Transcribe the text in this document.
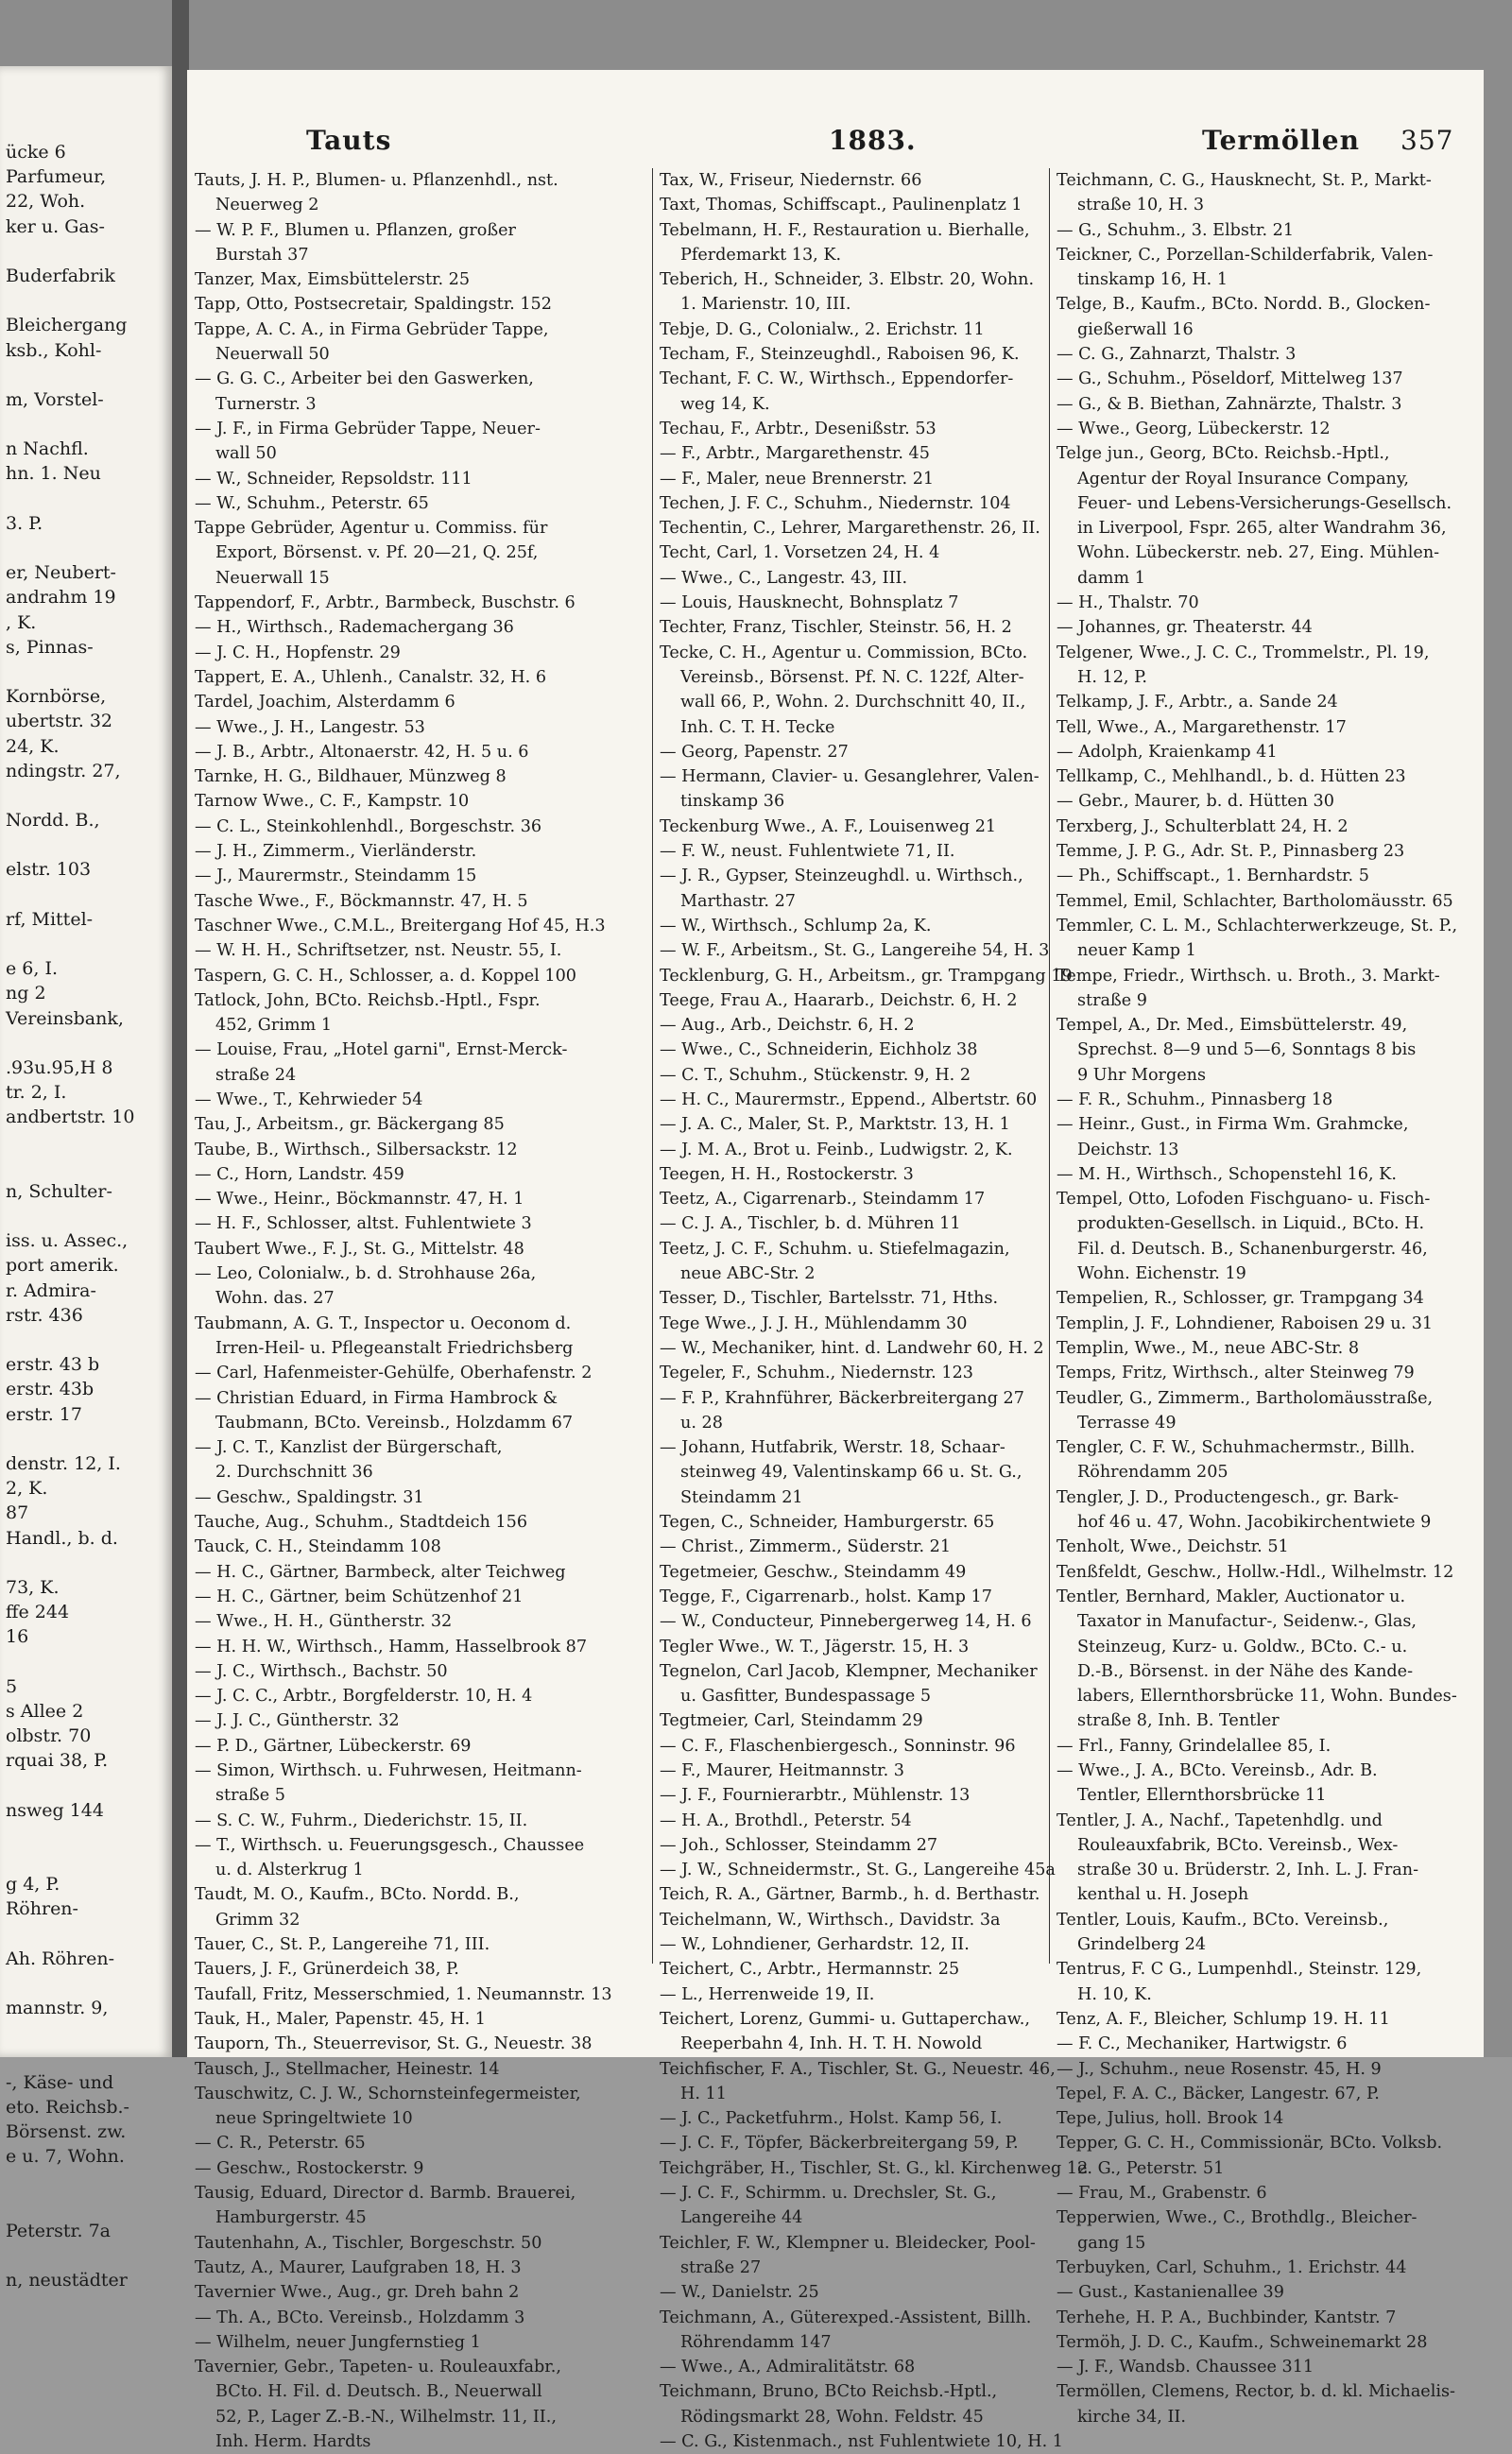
ücke 6
Parfumeur,
22, Woh.
ker u. Gas-
Buderfabrik
Bleichergang
ksb., Kohl-
m, Vorstel-
n Nachfl.
hn. 1. Neu
3. P.
er, Neubert-
andrahm 19
, K.
s, Pinnas-
Kornbörse,
ubertstr. 32
24, K.
ndingstr. 27,
Nordd. B.,
elstr. 103
rf, Mittel-
e 6, I.
ng 2
Vereinsbank,
.93u.95,H 8
tr. 2, I.
andbertstr. 10
n, Schulter-
iss. u. Assec.,
port amerik.
r. Admira-
rstr. 436
erstr. 43 b
erstr. 43b
erstr. 17
denstr. 12, I.
2, K.
87
Handl., b. d.
73, K.
ffe 244
16
5
s Allee 2
olbstr. 70
rquai 38, P.
nsweg 144
g 4, P.
Röhren-
Ah. Röhren-
mannstr. 9,
-, Käse- und
eto. Reichsb.-
Börsenst. zw.
e u. 7, Wohn.
Peterstr. 7a
n, neustädter
Tauts	1883.	Termöllen 357
Tauts, J. H. P., Blumen- u. Pflanzenhdl., nst.
Neuerweg 2
— W. P. F., Blumen u. Pflanzen, großer
Burstah 37
Tanzer, Max, Eimsbüttelerstr. 25
Tapp, Otto, Postsecretair, Spaldingstr. 152
Tappe, A. C. A., in Firma Gebrüder Tappe,
Neuerwall 50
— G. G. C., Arbeiter bei den Gaswerken,
Turnerstr. 3
— J. F., in Firma Gebrüder Tappe, Neuer-
wall 50
— W., Schneider, Repsoldstr. 111
— W., Schuhm., Peterstr. 65
Tappe Gebrüder, Agentur u. Commiss. für
Export, Börsenst. v. Pf. 20—21, Q. 25f,
Neuerwall 15
Tappendorf, F., Arbtr., Barmbeck, Buschstr. 6
— H., Wirthsch., Rademachergang 36
— J. C. H., Hopfenstr. 29
Tappert, E. A., Uhlenh., Canalstr. 32, H. 6
Tardel, Joachim, Alsterdamm 6
— Wwe., J. H., Langestr. 53
— J. B., Arbtr., Altonaerstr. 42, H. 5 u. 6
Tarnke, H. G., Bildhauer, Münzweg 8
Tarnow Wwe., C. F., Kampstr. 10
— C. L., Steinkohlenhdl., Borgeschstr. 36
— J. H., Zimmerm., Vierländerstr.
— J., Maurermstr., Steindamm 15
Tasche Wwe., F., Böckmannstr. 47, H. 5
Taschner Wwe., C.M.L., Breitergang Hof 45, H.3
— W. H. H., Schriftsetzer, nst. Neustr. 55, I.
Taspern, G. C. H., Schlosser, a. d. Koppel 100
Tatlock, John, BCto. Reichsb.-Hptl., Fspr.
452, Grimm 1
— Louise, Frau, „Hotel garni", Ernst-Merck-
straße 24
— Wwe., T., Kehrwieder 54
Tau, J., Arbeitsm., gr. Bäckergang 85
Taube, B., Wirthsch., Silbersackstr. 12
— C., Horn, Landstr. 459
— Wwe., Heinr., Böckmannstr. 47, H. 1
— H. F., Schlosser, altst. Fuhlentwiete 3
Taubert Wwe., F. J., St. G., Mittelstr. 48
— Leo, Colonialw., b. d. Strohhause 26a,
Wohn. das. 27
Taubmann, A. G. T., Inspector u. Oeconom d.
Irren-Heil- u. Pflegeanstalt Friedrichsberg
— Carl, Hafenmeister-Gehülfe, Oberhafenstr. 2
— Christian Eduard, in Firma Hambrock &
Taubmann, BCto. Vereinsb., Holzdamm 67
— J. C. T., Kanzlist der Bürgerschaft,
2. Durchschnitt 36
— Geschw., Spaldingstr. 31
Tauche, Aug., Schuhm., Stadtdeich 156
Tauck, C. H., Steindamm 108
— H. C., Gärtner, Barmbeck, alter Teichweg
— H. C., Gärtner, beim Schützenhof 21
— Wwe., H. H., Güntherstr. 32
— H. H. W., Wirthsch., Hamm, Hasselbrook 87
— J. C., Wirthsch., Bachstr. 50
— J. C. C., Arbtr., Borgfelderstr. 10, H. 4
— J. J. C., Güntherstr. 32
— P. D., Gärtner, Lübeckerstr. 69
— Simon, Wirthsch. u. Fuhrwesen, Heitmann-
straße 5
— S. C. W., Fuhrm., Diederichstr. 15, II.
— T., Wirthsch. u. Feuerungsgesch., Chaussee
u. d. Alsterkrug 1
Taudt, M. O., Kaufm., BCto. Nordd. B.,
Grimm 32
Tauer, C., St. P., Langereihe 71, III.
Tauers, J. F., Grünerdeich 38, P.
Taufall, Fritz, Messerschmied, 1. Neumannstr. 13
Tauk, H., Maler, Papenstr. 45, H. 1
Tauporn, Th., Steuerrevisor, St. G., Neuestr. 38
Tausch, J., Stellmacher, Heinestr. 14
Tauschwitz, C. J. W., Schornsteinfegermeister,
neue Springeltwiete 10
— C. R., Peterstr. 65
— Geschw., Rostockerstr. 9
Tausig, Eduard, Director d. Barmb. Brauerei,
Hamburgerstr. 45
Tautenhahn, A., Tischler, Borgeschstr. 50
Tautz, A., Maurer, Laufgraben 18, H. 3
Tavernier Wwe., Aug., gr. Dreh bahn 2
— Th. A., BCto. Vereinsb., Holzdamm 3
— Wilhelm, neuer Jungfernstieg 1
Tavernier, Gebr., Tapeten- u. Rouleauxfabr.,
BCto. H. Fil. d. Deutsch. B., Neuerwall
52, P., Lager Z.-B.-N., Wilhelmstr. 11, II.,
Inh. Herm. Hardts
Tax, W., Friseur, Niedernstr. 66
Taxt, Thomas, Schiffscapt., Paulinenplatz 1
Tebelmann, H. F., Restauration u. Bierhalle,
Pferdemarkt 13, K.
Teberich, H., Schneider, 3. Elbstr. 20, Wohn.
1. Marienstr. 10, III.
Tebje, D. G., Colonialw., 2. Erichstr. 11
Techam, F., Steinzeughdl., Raboisen 96, K.
Techant, F. C. W., Wirthsch., Eppendorfer-
weg 14, K.
Techau, F., Arbtr., Desenißstr. 53
— F., Arbtr., Margarethenstr. 45
— F., Maler, neue Brennerstr. 21
Techen, J. F. C., Schuhm., Niedernstr. 104
Techentin, C., Lehrer, Margarethenstr. 26, II.
Techt, Carl, 1. Vorsetzen 24, H. 4
— Wwe., C., Langestr. 43, III.
— Louis, Hausknecht, Bohnsplatz 7
Techter, Franz, Tischler, Steinstr. 56, H. 2
Tecke, C. H., Agentur u. Commission, BCto.
Vereinsb., Börsenst. Pf. N. C. 122f, Alter-
wall 66, P., Wohn. 2. Durchschnitt 40, II.,
Inh. C. T. H. Tecke
— Georg, Papenstr. 27
— Hermann, Clavier- u. Gesanglehrer, Valen-
tinskamp 36
Teckenburg Wwe., A. F., Louisenweg 21
— F. W., neust. Fuhlentwiete 71, II.
— J. R., Gypser, Steinzeughdl. u. Wirthsch.,
Marthastr. 27
— W., Wirthsch., Schlump 2a, K.
— W. F., Arbeitsm., St. G., Langereihe 54, H. 3
Tecklenburg, G. H., Arbeitsm., gr. Trampgang 19
Teege, Frau A., Haararb., Deichstr. 6, H. 2
— Aug., Arb., Deichstr. 6, H. 2
— Wwe., C., Schneiderin, Eichholz 38
— C. T., Schuhm., Stückenstr. 9, H. 2
— H. C., Maurermstr., Eppend., Albertstr. 60
— J. A. C., Maler, St. P., Marktstr. 13, H. 1
— J. M. A., Brot u. Feinb., Ludwigstr. 2, K.
Teegen, H. H., Rostockerstr. 3
Teetz, A., Cigarrenarb., Steindamm 17
— C. J. A., Tischler, b. d. Mühren 11
Teetz, J. C. F., Schuhm. u. Stiefelmagazin,
neue ABC-Str. 2
Tesser, D., Tischler, Bartelsstr. 71, Hths.
Tege Wwe., J. J. H., Mühlendamm 30
— W., Mechaniker, hint. d. Landwehr 60, H. 2
Tegeler, F., Schuhm., Niedernstr. 123
— F. P., Krahnführer, Bäckerbreitergang 27
u. 28
— Johann, Hutfabrik, Werstr. 18, Schaar-
steinweg 49, Valentinskamp 66 u. St. G.,
Steindamm 21
Tegen, C., Schneider, Hamburgerstr. 65
— Christ., Zimmerm., Süderstr. 21
Tegetmeier, Geschw., Steindamm 49
Tegge, F., Cigarrenarb., holst. Kamp 17
— W., Conducteur, Pinnebergerweg 14, H. 6
Tegler Wwe., W. T., Jägerstr. 15, H. 3
Tegnelon, Carl Jacob, Klempner, Mechaniker
u. Gasfitter, Bundespassage 5
Tegtmeier, Carl, Steindamm 29
— C. F., Flaschenbiergesch., Sonninstr. 96
— F., Maurer, Heitmannstr. 3
— J. F., Fournierarbtr., Mühlenstr. 13
— H. A., Brothdl., Peterstr. 54
— Joh., Schlosser, Steindamm 27
— J. W., Schneidermstr., St. G., Langereihe 45a
Teich, R. A., Gärtner, Barmb., h. d. Berthastr.
Teichelmann, W., Wirthsch., Davidstr. 3a
— W., Lohndiener, Gerhardstr. 12, II.
Teichert, C., Arbtr., Hermannstr. 25
— L., Herrenweide 19, II.
Teichert, Lorenz, Gummi- u. Guttaperchaw.,
Reeperbahn 4, Inh. H. T. H. Nowold
Teichfischer, F. A., Tischler, St. G., Neuestr. 46,
H. 11
— J. C., Packetfuhrm., Holst. Kamp 56, I.
— J. C. F., Töpfer, Bäckerbreitergang 59, P.
Teichgräber, H., Tischler, St. G., kl. Kirchenweg 12
— J. C. F., Schirmm. u. Drechsler, St. G.,
Langereihe 44
Teichler, F. W., Klempner u. Bleidecker, Pool-
straße 27
— W., Danielstr. 25
Teichmann, A., Güterexped.-Assistent, Billh.
Röhrendamm 147
— Wwe., A., Admiralitätstr. 68
Teichmann, Bruno, BCto Reichsb.-Hptl.,
Rödingsmarkt 28, Wohn. Feldstr. 45
— C. G., Kistenmach., nst Fuhlentwiete 10, H. 1
Teichmann, C. G., Hausknecht, St. P., Markt-
straße 10, H. 3
— G., Schuhm., 3. Elbstr. 21
Teickner, C., Porzellan-Schilderfabrik, Valen-
tinskamp 16, H. 1
Telge, B., Kaufm., BCto. Nordd. B., Glocken-
gießerwall 16
— C. G., Zahnarzt, Thalstr. 3
— G., Schuhm., Pöseldorf, Mittelweg 137
— G., & B. Biethan, Zahnärzte, Thalstr. 3
— Wwe., Georg, Lübeckerstr. 12
Telge jun., Georg, BCto. Reichsb.-Hptl.,
Agentur der Royal Insurance Company,
Feuer- und Lebens-Versicherungs-Gesellsch.
in Liverpool, Fspr. 265, alter Wandrahm 36,
Wohn. Lübeckerstr. neb. 27, Eing. Mühlen-
damm 1
— H., Thalstr. 70
— Johannes, gr. Theaterstr. 44
Telgener, Wwe., J. C. C., Trommelstr., Pl. 19,
H. 12, P.
Telkamp, J. F., Arbtr., a. Sande 24
Tell, Wwe., A., Margarethenstr. 17
— Adolph, Kraienkamp 41
Tellkamp, C., Mehlhandl., b. d. Hütten 23
— Gebr., Maurer, b. d. Hütten 30
Terxberg, J., Schulterblatt 24, H. 2
Temme, J. P. G., Adr. St. P., Pinnasberg 23
— Ph., Schiffscapt., 1. Bernhardstr. 5
Temmel, Emil, Schlachter, Bartholomäusstr. 65
Temmler, C. L. M., Schlachterwerkzeuge, St. P.,
neuer Kamp 1
Tempe, Friedr., Wirthsch. u. Broth., 3. Markt-
straße 9
Tempel, A., Dr. Med., Eimsbüttelerstr. 49,
Sprechst. 8—9 und 5—6, Sonntags 8 bis
9 Uhr Morgens
— F. R., Schuhm., Pinnasberg 18
— Heinr., Gust., in Firma Wm. Grahmcke,
Deichstr. 13
— M. H., Wirthsch., Schopenstehl 16, K.
Tempel, Otto, Lofoden Fischguano- u. Fisch-
produkten-Gesellsch. in Liquid., BCto. H.
Fil. d. Deutsch. B., Schanenburgerstr. 46,
Wohn. Eichenstr. 19
Tempelien, R., Schlosser, gr. Trampgang 34
Templin, J. F., Lohndiener, Raboisen 29 u. 31
Templin, Wwe., M., neue ABC-Str. 8
Temps, Fritz, Wirthsch., alter Steinweg 79
Teudler, G., Zimmerm., Bartholomäusstraße,
Terrasse 49
Tengler, C. F. W., Schuhmachermstr., Billh.
Röhrendamm 205
Tengler, J. D., Productengesch., gr. Bark-
hof 46 u. 47, Wohn. Jacobikirchentwiete 9
Tenholt, Wwe., Deichstr. 51
Tenßfeldt, Geschw., Hollw.-Hdl., Wilhelmstr. 12
Tentler, Bernhard, Makler, Auctionator u.
Taxator in Manufactur-, Seidenw.-, Glas,
Steinzeug, Kurz- u. Goldw., BCto. C.- u.
D.-B., Börsenst. in der Nähe des Kande-
labers, Ellernthorsbrücke 11, Wohn. Bundes-
straße 8, Inh. B. Tentler
— Frl., Fanny, Grindelallee 85, I.
— Wwe., J. A., BCto. Vereinsb., Adr. B.
Tentler, Ellernthorsbrücke 11
Tentler, J. A., Nachf., Tapetenhdlg. und
Rouleauxfabrik, BCto. Vereinsb., Wex-
straße 30 u. Brüderstr. 2, Inh. L. J. Fran-
kenthal u. H. Joseph
Tentler, Louis, Kaufm., BCto. Vereinsb.,
Grindelberg 24
Tentrus, F. C G., Lumpenhdl., Steinstr. 129,
H. 10, K.
Tenz, A. F., Bleicher, Schlump 19. H. 11
— F. C., Mechaniker, Hartwigstr. 6
— J., Schuhm., neue Rosenstr. 45, H. 9
Tepel, F. A. C., Bäcker, Langestr. 67, P.
Tepe, Julius, holl. Brook 14
Tepper, G. C. H., Commissionär, BCto. Volksb.
e. G., Peterstr. 51
— Frau, M., Grabenstr. 6
Tepperwien, Wwe., C., Brothdlg., Bleicher-
gang 15
Terbuyken, Carl, Schuhm., 1. Erichstr. 44
— Gust., Kastanienallee 39
Terhehe, H. P. A., Buchbinder, Kantstr. 7
Termöh, J. D. C., Kaufm., Schweinemarkt 28
— J. F., Wandsb. Chaussee 311
Termöllen, Clemens, Rector, b. d. kl. Michaelis-
kirche 34, II.
